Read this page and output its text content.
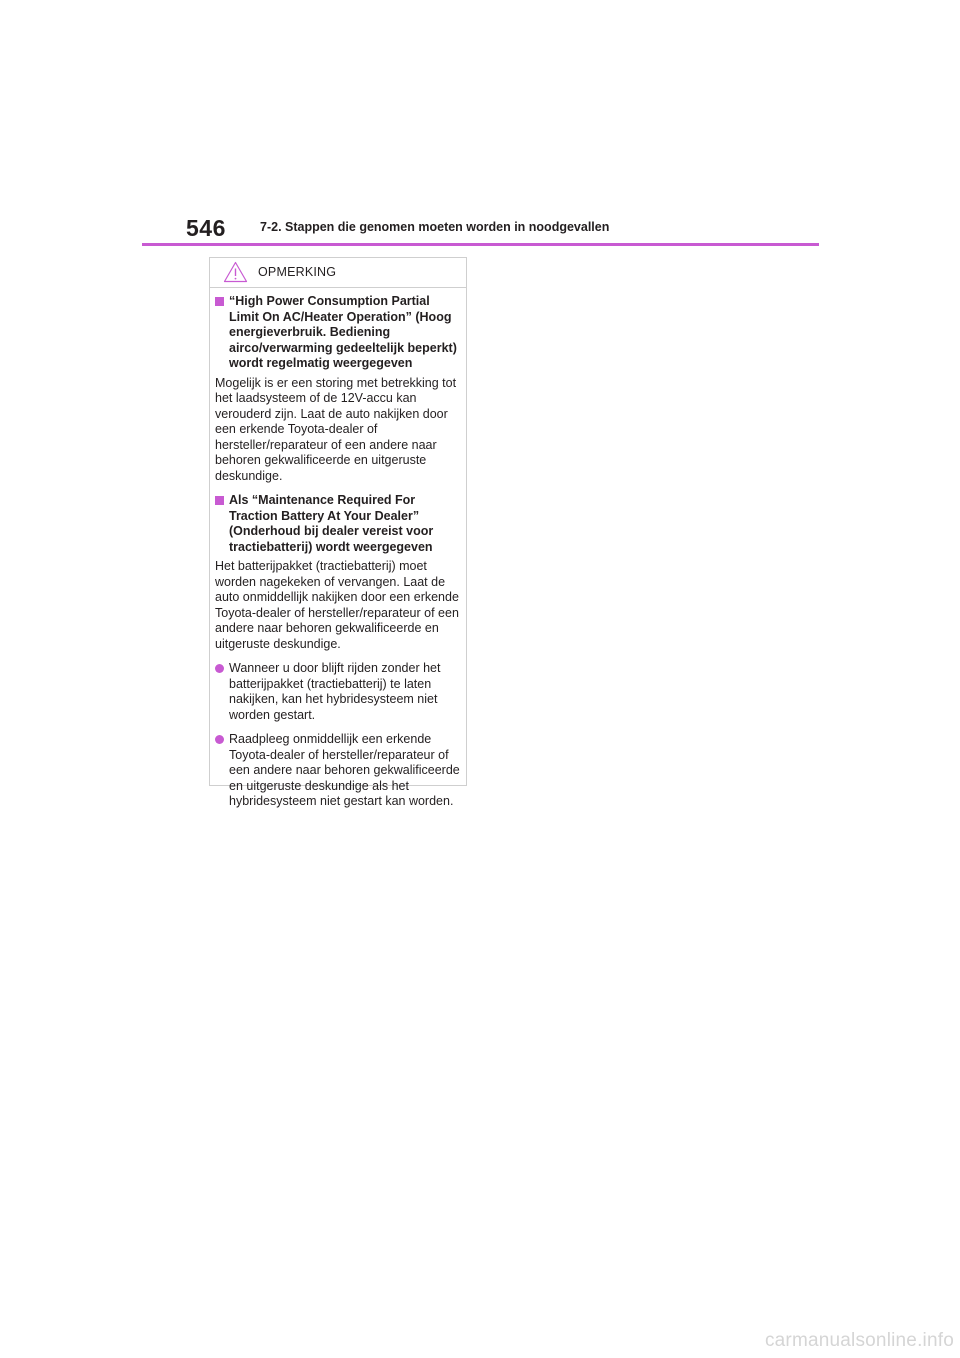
546	7-2. Stappen die genomen moeten worden in noodgevallen
OPMERKING
“High Power Consumption Partial Limit On AC/Heater Operation” (Hoog energieverbruik. Bediening airco/verwarming gedeeltelijk beperkt) wordt regelmatig weergegeven

Mogelijk is er een storing met betrekking tot het laadsysteem of de 12V-accu kan verouderd zijn. Laat de auto nakijken door een erkende Toyota-dealer of hersteller/reparateur of een andere naar behoren gekwalificeerde en uitgeruste deskundige.

Als “Maintenance Required For Traction Battery At Your Dealer” (Onderhoud bij dealer vereist voor tractiebatterij) wordt weergegeven

Het batterijpakket (tractiebatterij) moet worden nagekeken of vervangen. Laat de auto onmiddellijk nakijken door een erkende Toyota-dealer of hersteller/reparateur of een andere naar behoren gekwalificeerde en uitgeruste deskundige.

Wanneer u door blijft rijden zonder het batterijpakket (tractiebatterij) te laten nakijken, kan het hybridesysteem niet worden gestart.
Raadpleeg onmiddellijk een erkende Toyota-dealer of hersteller/reparateur of een andere naar behoren gekwalificeerde en uitgeruste deskundige als het hybridesysteem niet gestart kan worden.
carmanualsonline.info
